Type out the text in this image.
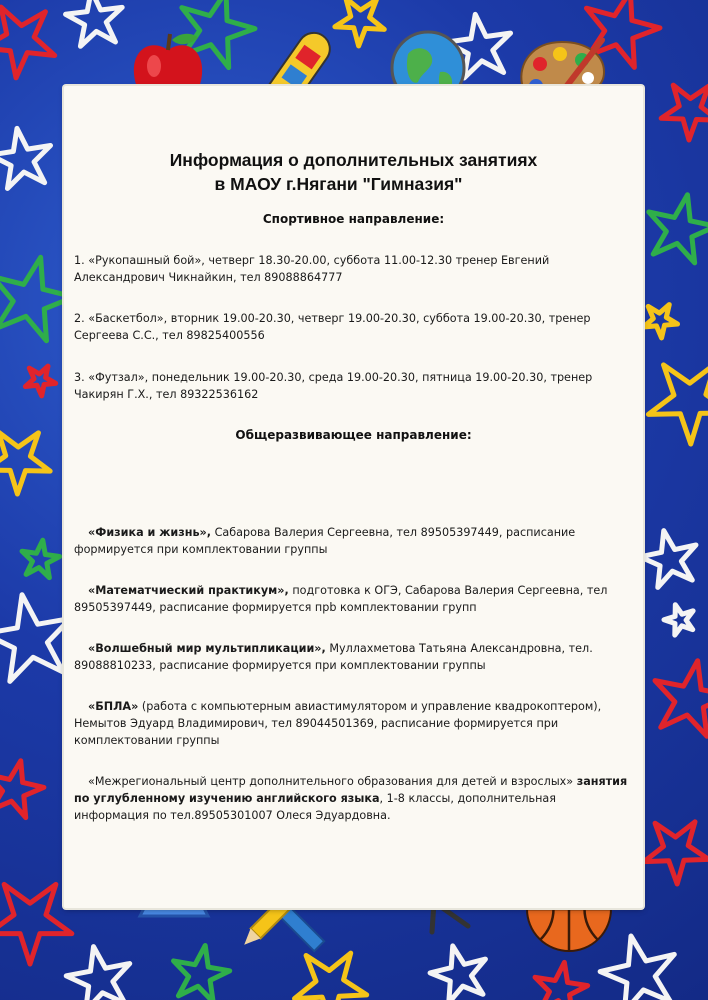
Информация о дополнительных занятиях
в МАОУ г.Нягани "Гимназия"
Спортивное направление:
1. «Рукопашный бой», четверг 18.30-20.00, суббота 11.00-12.30 тренер Евгений Александрович Чикнайкин, тел 89088864777
2. «Баскетбол», вторник 19.00-20.30, четверг 19.00-20.30, суббота 19.00-20.30, тренер Сергеева С.С., тел 89825400556
3. «Футзал», понедельник 19.00-20.30, среда 19.00-20.30, пятница 19.00-20.30, тренер Чакирян Г.Х., тел 89322536162
Общеразвивающее направление:
«Физика и жизнь», Сабарова Валерия Сергеевна, тел 89505397449, расписание формируется при комплектовании группы
«Математчиеский практикум», подготовка к ОГЭ, Сабарова Валерия Сергеевна, тел 89505397449, расписание формируется прb комплектовании групп
«Волшебный мир мультипликации», Муллахметова Татьяна Александровна, тел. 89088810233, расписание формируется при комплектовании группы
«БПЛА» (работа с компьютерным авиастимулятором и управление квадрокоптером), Немытов Эдуард Владимирович, тел 89044501369, расписание формируется при комплектовании группы
«Межрегиональный центр дополнительного образования для детей и взрослых» занятия по углубленному изучению английского языка, 1-8 классы, дополнительная информация по тел.89505301007 Олеся Эдуардовна.
